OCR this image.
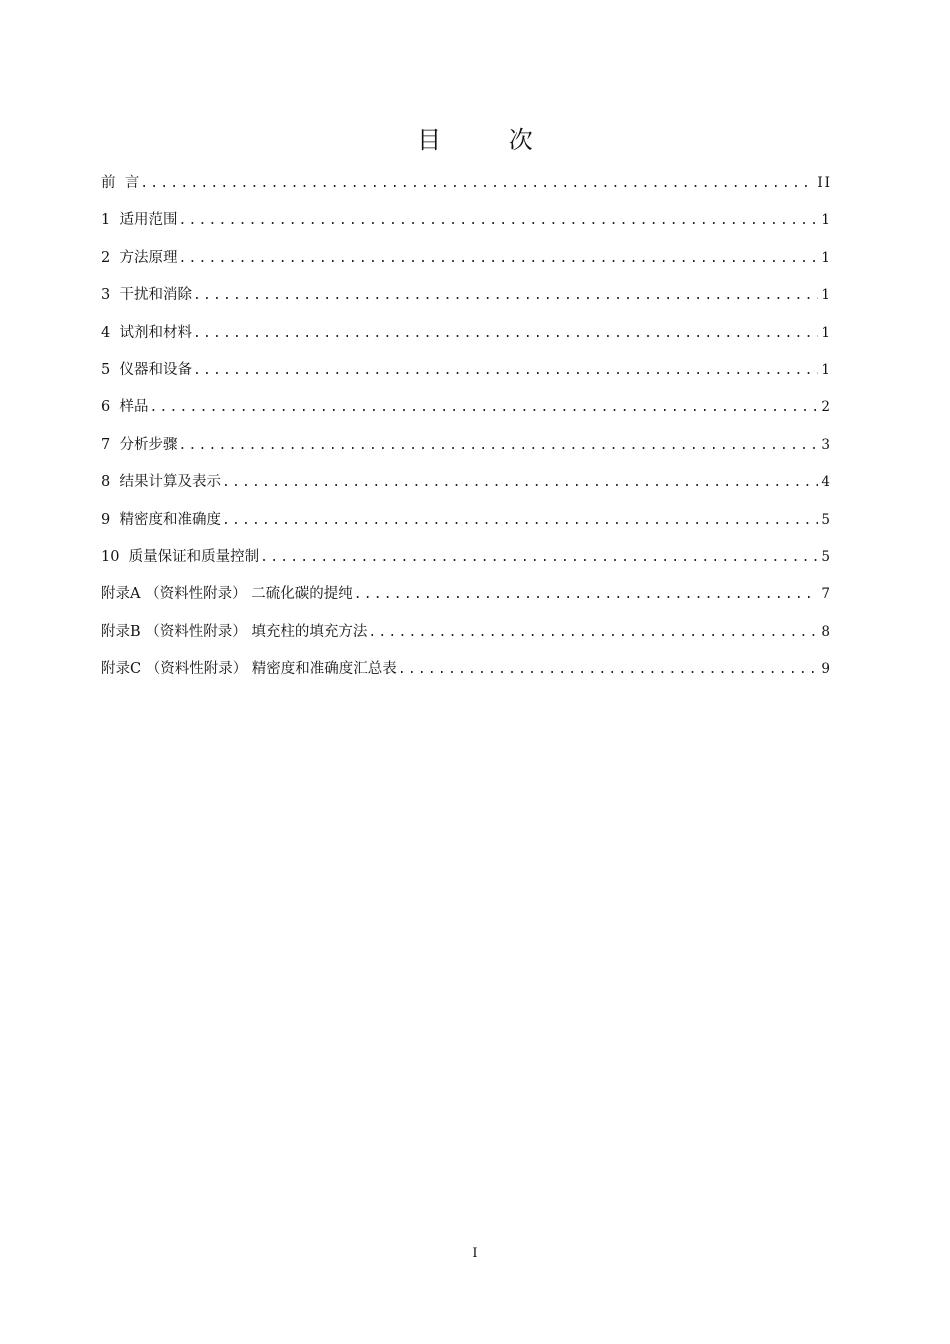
目 次
前  言 .....	II
1  适用范围 .....	1
2  方法原理 .....	1
3  干扰和消除 .....	1
4  试剂和材料 .....	1
5  仪器和设备 .....	1
6  样品 .....	2
7  分析步骤 .....	3
8  结果计算及表示 .....	4
9  精密度和准确度 .....	5
10  质量保证和质量控制 .....	5
附录A （资料性附录） 二硫化碳的提纯 .....	7
附录B （资料性附录） 填充柱的填充方法 .....	8
附录C （资料性附录） 精密度和准确度汇总表 .....	9
I
